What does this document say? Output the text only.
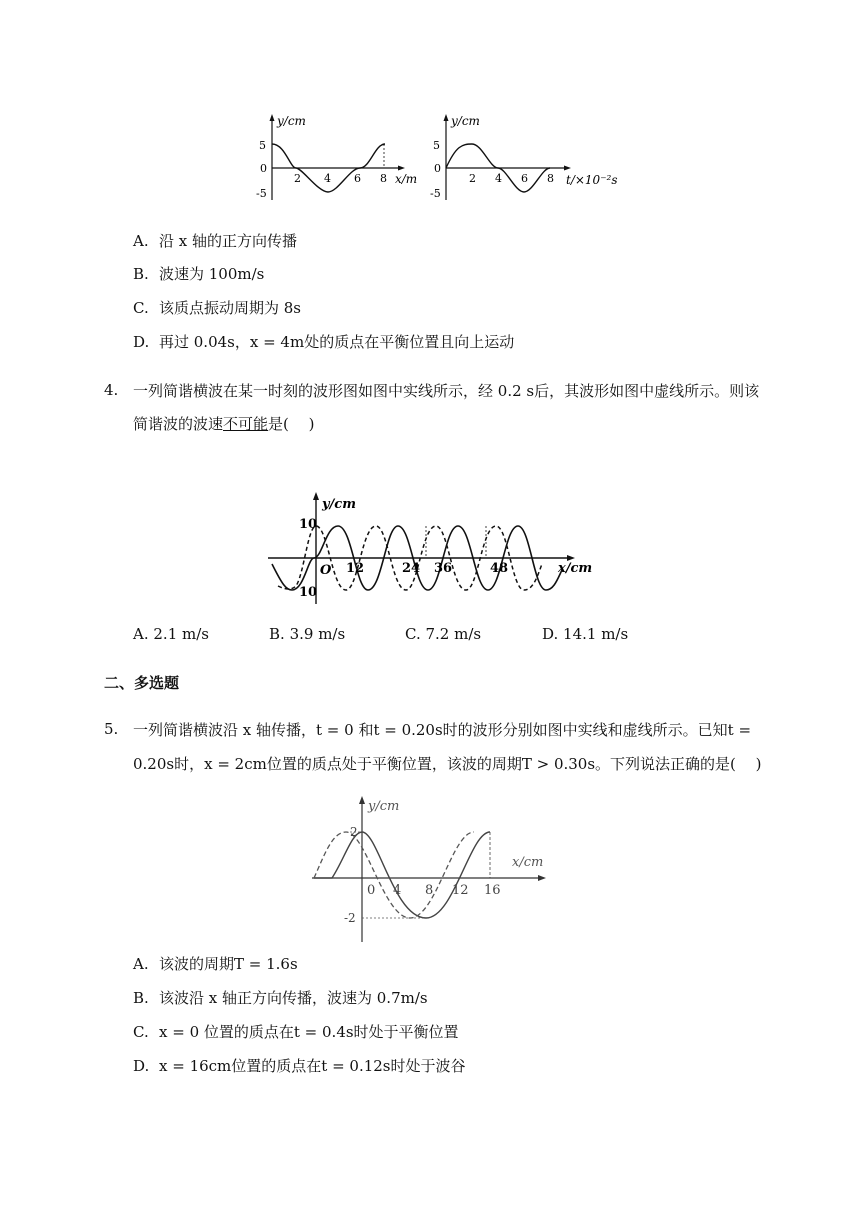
y/cm
5
0
-5
2 4 6 8 x/m
y/cm
5
0
-5
2 4 6 8 t/×10⁻²s
A. 沿 x 轴的正方向传播
B. 波速为 100m/s
C. 该质点振动周期为 8s
D. 再过 0.04s，x = 4m处的质点在平衡位置且向上运动
4. 一列简谐横波在某一时刻的波形图如图中实线所示，经 0.2 s后，其波形如图中虚线所示。则该
简谐波的波速不可能是(　 )
y/cm
10
10
O 12	24 36	48	x/cm
A. 2.1 m/s	B. 3.9 m/s	C. 7.2 m/s	D. 14.1 m/s
二、多选题
5. 一列简谐横波沿 x 轴传播，t = 0 和t = 0.20s时的波形分别如图中实线和虚线所示。已知t =
0.20s时，x = 2cm位置的质点处于平衡位置，该波的周期T > 0.30s。下列说法正确的是(　 )
y/cm
2
-2
x/cm
0 4 8 12 16
A. 该波的周期T = 1.6s
B. 该波沿 x 轴正方向传播，波速为 0.7m/s
C. x = 0 位置的质点在t = 0.4s时处于平衡位置
D. x = 16cm位置的质点在t = 0.12s时处于波谷
